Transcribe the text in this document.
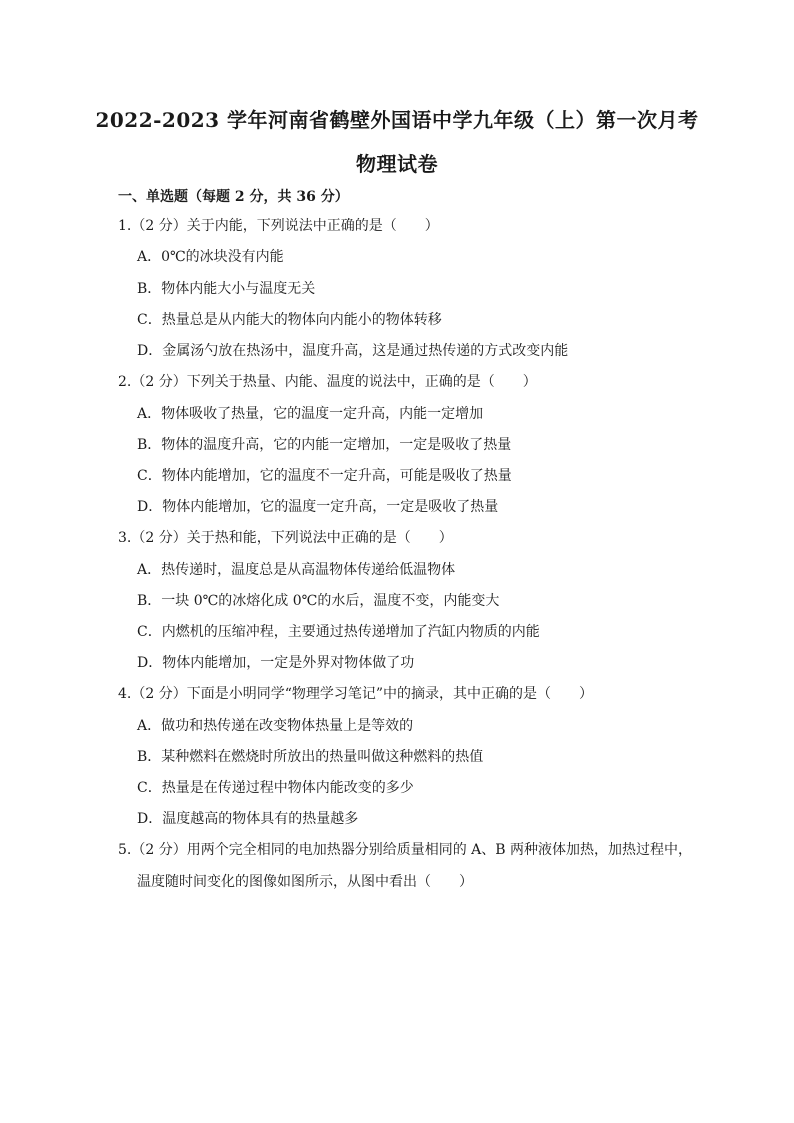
2022-2023 学年河南省鹤壁外国语中学九年级（上）第一次月考
物理试卷
一、单选题（每题 2 分，共 36 分）
1.（2 分）关于内能，下列说法中正确的是（　　）
A．0℃的冰块没有内能
B．物体内能大小与温度无关
C．热量总是从内能大的物体向内能小的物体转移
D．金属汤勺放在热汤中，温度升高，这是通过热传递的方式改变内能
2.（2 分）下列关于热量、内能、温度的说法中，正确的是（　　）
A．物体吸收了热量，它的温度一定升高，内能一定增加
B．物体的温度升高，它的内能一定增加，一定是吸收了热量
C．物体内能增加，它的温度不一定升高，可能是吸收了热量
D．物体内能增加，它的温度一定升高，一定是吸收了热量
3.（2 分）关于热和能，下列说法中正确的是（　　）
A．热传递时，温度总是从高温物体传递给低温物体
B．一块 0℃的冰熔化成 0℃的水后，温度不变，内能变大
C．内燃机的压缩冲程，主要通过热传递增加了汽缸内物质的内能
D．物体内能增加，一定是外界对物体做了功
4.（2 分）下面是小明同学“物理学习笔记”中的摘录，其中正确的是（　　）
A．做功和热传递在改变物体热量上是等效的
B．某种燃料在燃烧时所放出的热量叫做这种燃料的热值
C．热量是在传递过程中物体内能改变的多少
D．温度越高的物体具有的热量越多
5.（2 分）用两个完全相同的电加热器分别给质量相同的 A、B 两种液体加热，加热过程中，
温度随时间变化的图像如图所示，从图中看出（　　）
